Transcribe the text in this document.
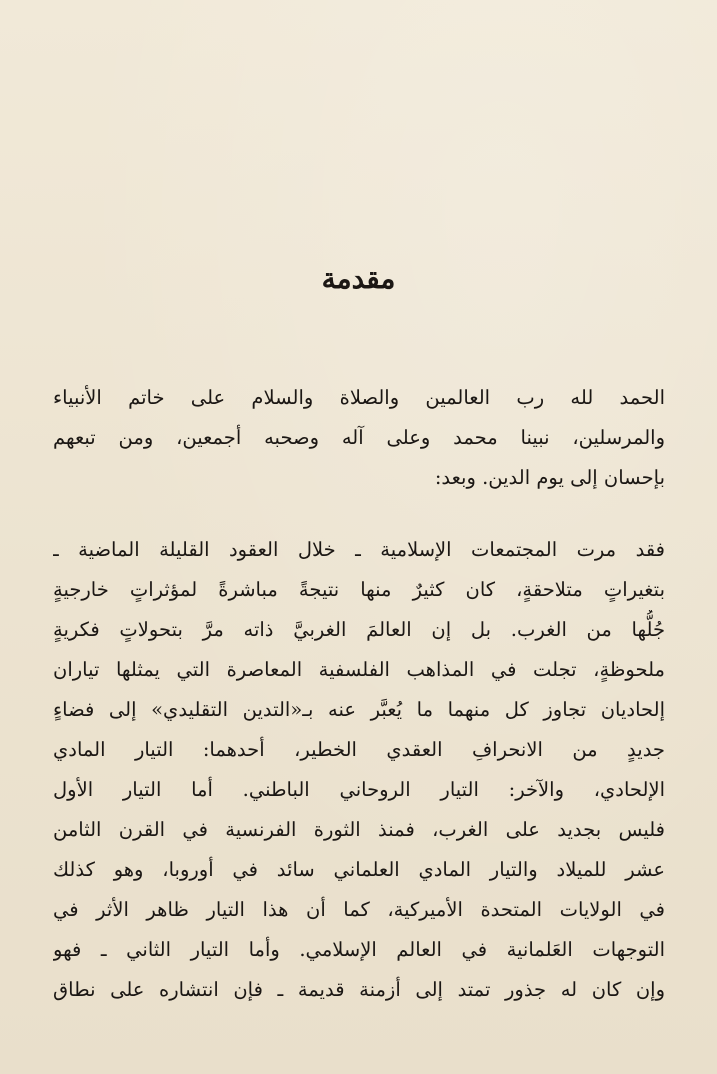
مقدمة
الحمد لله رب العالمين والصلاة والسلام على خاتم الأنبياء
والمرسلين، نبينا محمد وعلى آله وصحبه أجمعين، ومن تبعهم
بإحسان إلى يوم الدين. وبعد:
فقد مرت المجتمعات الإسلامية ـ خلال العقود القليلة الماضية ـ
بتغيراتٍ متلاحقةٍ، كان كثيرٌ منها نتيجةً مباشرةً لمؤثراتٍ خارجيةٍ
جُلُّها من الغرب. بل إن العالمَ الغربيَّ ذاته مرَّ بتحولاتٍ فكريةٍ
ملحوظةٍ، تجلت في المذاهب الفلسفية المعاصرة التي يمثلها تياران
إلحاديان تجاوز كل منهما ما يُعبَّر عنه بـ«التدين التقليدي» إلى فضاءٍ
جديدٍ من الانحرافِ العقدي الخطير، أحدهما: التيار المادي
الإلحادي، والآخر: التيار الروحاني الباطني. أما التيار الأول
فليس بجديد على الغرب، فمنذ الثورة الفرنسية في القرن الثامن
عشر للميلاد والتيار المادي العلماني سائد في أوروبا، وهو كذلك
في الولايات المتحدة الأميركية، كما أن هذا التيار ظاهر الأثر في
التوجهات العَلمانية في العالم الإسلامي. وأما التيار الثاني ـ فهو
وإن كان له جذور تمتد إلى أزمنة قديمة ـ فإن انتشاره على نطاق
